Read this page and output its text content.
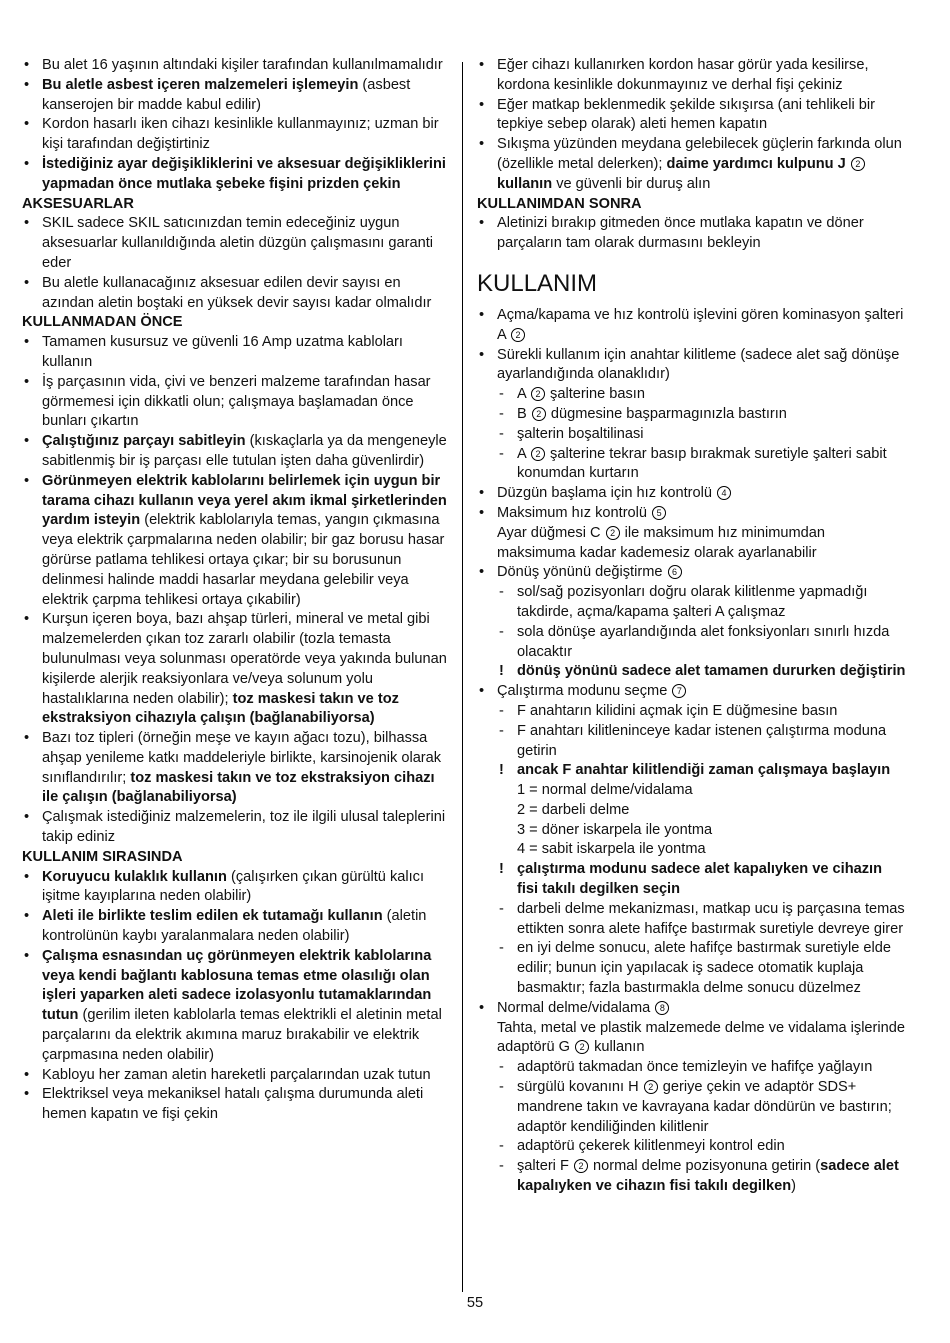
• Bu alet 16 yaşının altındaki kişiler tarafından kullanılmamalıdır
• Bu aletle asbest içeren malzemeleri işlemeyin (asbest kanserojen bir madde kabul edilir)
• Kordon hasarlı iken cihazı kesinlikle kullanmayınız; uzman bir kişi tarafından değiştirtiniz
• İstediğiniz ayar değişikliklerini ve aksesuar değişikliklerini yapmadan önce mutlaka şebeke fişini prizden çekin
AKSESUARLAR
• SKIL sadece SKIL satıcınızdan temin edeceğiniz uygun aksesuarlar kullanıldığında aletin düzgün çalışmasını garanti eder
• Bu aletle kullanacağınız aksesuar edilen devir sayısı en azından aletin boştaki en yüksek devir sayısı kadar olmalıdır
KULLANMADAN ÖNCE
• Tamamen kusursuz ve güvenli 16 Amp uzatma kabloları kullanın
• İş parçasının vida, çivi ve benzeri malzeme tarafından hasar görmemesi için dikkatli olun; çalışmaya başlamadan önce bunları çıkartın
• Çalıştığınız parçayı sabitleyin (kıskaçlarla ya da mengeneyle sabitlenmiş bir iş parçası elle tutulan işten daha güvenlirdir)
• Görünmeyen elektrik kablolarını belirlemek için uygun bir tarama cihazı kullanın veya yerel akım ikmal şirketlerinden yardım isteyin (elektrik kablolarıyla temas, yangın çıkmasına veya elektrik çarpmalarına neden olabilir; bir gaz borusu hasar görürse patlama tehlikesi ortaya çıkar; bir su borusunun delinmesi halinde maddi hasarlar meydana gelebilir veya elektrik çarpma tehlikesi ortaya çıkabilir)
• Kurşun içeren boya, bazı ahşap türleri, mineral ve metal gibi malzemelerden çıkan toz zararlı olabilir (tozla temasta bulunulması veya solunması operatörde veya yakında bulunan kişilerde alerjik reaksiyonlara ve/veya solunum yolu hastalıklarına neden olabilir); toz maskesi takın ve toz ekstraksiyon cihazıyla çalışın (bağlanabiliyorsa)
• Bazı toz tipleri (örneğin meşe ve kayın ağacı tozu), bilhassa ahşap yenileme katkı maddeleriyle birlikte, karsinojenik olarak sınıflandırılır; toz maskesi takın ve toz ekstraksiyon cihazı ile çalışın (bağlanabiliyorsa)
• Çalışmak istediğiniz malzemelerin, toz ile ilgili ulusal taleplerini takip ediniz
KULLANIM SIRASINDA
• Koruyucu kulaklık kullanın (çalışırken çıkan gürültü kalıcı işitme kayıplarına neden olabilir)
• Aleti ile birlikte teslim edilen ek tutamağı kullanın (aletin kontrolünün kaybı yaralanmalara neden olabilir)
• Çalışma esnasından uç görünmeyen elektrik kablolarına veya kendi bağlantı kablosuna temas etme olasılığı olan işleri yaparken aleti sadece izolasyonlu tutamaklarından tutun (gerilim ileten kablolarla temas elektrikli el aletinin metal parçalarını da elektrik akımına maruz bırakabilir ve elektrik çarpmasına neden olabilir)
• Kabloyu her zaman aletin hareketli parçalarından uzak tutun
• Elektriksel veya mekaniksel hatalı çalışma durumunda aleti hemen kapatın ve fişi çekin
• Eğer cihazı kullanırken kordon hasar görür yada kesilirse, kordona kesinlikle dokunmayınız ve derhal fişi çekiniz
• Eğer matkap beklenmedik şekilde sıkışırsa (ani tehlikeli bir tepkiye sebep olarak) aleti hemen kapatın
• Sıkışma yüzünden meydana gelebilecek güçlerin farkında olun (özellikle metal delerken); daime yardımcı kulpunu J 2 kullanın ve güvenli bir duruş alın
KULLANIMDAN SONRA
• Aletinizi bırakıp gitmeden önce mutlaka kapatın ve döner parçaların tam olarak durmasını bekleyin
KULLANIM
• Açma/kapama ve hız kontrolü işlevini gören kominasyon şalteri A 2
• Sürekli kullanım için anahtar kilitleme (sadece alet sağ dönüşe ayarlandığında olanaklıdır)
- A 2 şalterine basın
- B 2 dügmesine başparmagınızla bastırın
- şalterin boşaltilinasi
- A 2 şalterine tekrar basıp bırakmak suretiyle şalteri sabit konumdan kurtarın
• Düzgün başlama için hız kontrolü 4
• Maksimum hız kontrolü 5
Ayar düğmesi C 2 ile maksimum hız minimumdan maksimuma kadar kademesiz olarak ayarlanabilir
• Dönüş yönünü değiştirme 6
- sol/sağ pozisyonları doğru olarak kilitlenme yapmadığı takdirde, açma/kapama şalteri A çalışmaz
- sola dönüşe ayarlandığında alet fonksiyonları sınırlı hızda olacaktır
! dönüş yönünü sadece alet tamamen dururken değiştirin
• Çalıştırma modunu seçme 7
- F anahtarın kilidini açmak için E düğmesine basın
- F anahtarı kilitleninceye kadar istenen çalıştırma moduna getirin
! ancak F anahtar kilitlendiği zaman çalışmaya başlayın
1 = normal delme/vidalama
2 = darbeli delme
3 = döner iskarpela ile yontma
4 = sabit iskarpela ile yontma
! çalıştırma modunu sadece alet kapalıyken ve cihazın fisi takılı degilken seçin
- darbeli delme mekanizması, matkap ucu iş parçasına temas ettikten sonra alete hafifçe bastırmak suretiyle devreye girer
- en iyi delme sonucu, alete hafifçe bastırmak suretiyle elde edilir; bunun için yapılacak iş sadece otomatik kuplaja basmaktır; fazla bastırmakla delme sonucu düzelmez
• Normal delme/vidalama 8
Tahta, metal ve plastik malzemede delme ve vidalama işlerinde adaptörü G 2 kullanın
- adaptörü takmadan önce temizleyin ve hafifçe yağlayın
- sürgülü kovanını H 2 geriye çekin ve adaptör SDS+ mandrene takın ve kavrayana kadar döndürün ve bastırın; adaptör kendiliğinden kilitlenir
- adaptörü çekerek kilitlenmeyi kontrol edin
- şalteri F 2 normal delme pozisyonuna getirin (sadece alet kapalıyken ve cihazın fisi takılı degilken)
55
